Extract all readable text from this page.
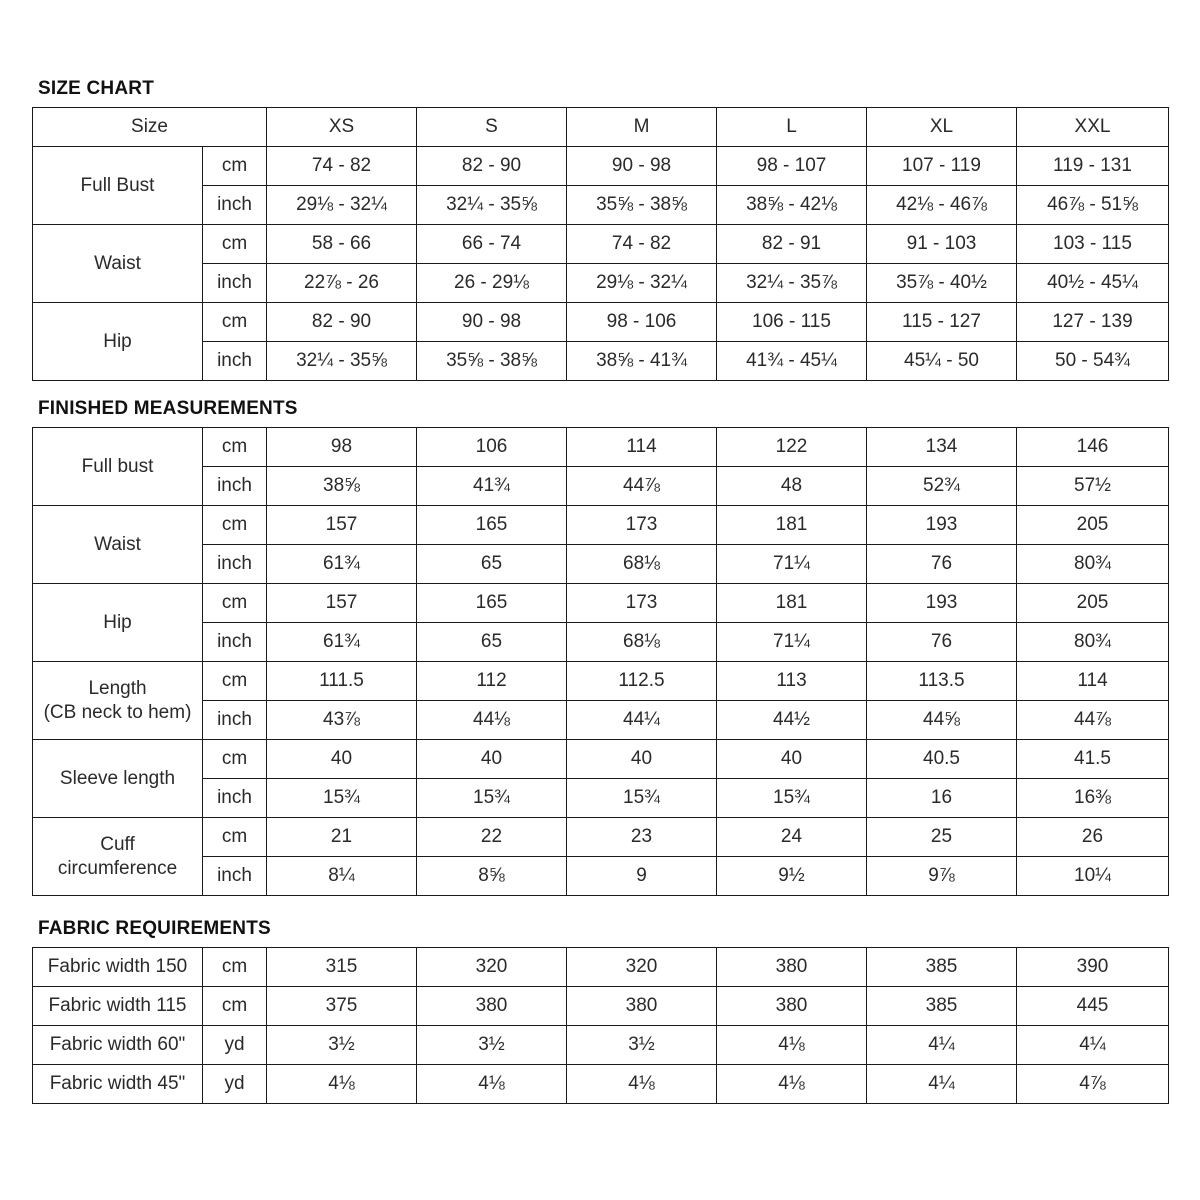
SIZE CHART
Size		XS	S	M	L	XL	XXL
Full Bust	cm	74 - 82	82 - 90	90 - 98	98 - 107	107 - 119	119 - 131
	inch	29⅛ - 32¼	32¼ - 35⅝	35⅝ - 38⅝	38⅝ - 42⅛	42⅛ - 46⅞	46⅞ - 51⅝
Waist	cm	58 - 66	66 - 74	74 - 82	82 - 91	91 - 103	103 - 115
	inch	22⅞ - 26	26 - 29⅛	29⅛ - 32¼	32¼ - 35⅞	35⅞ - 40½	40½ - 45¼
Hip	cm	82 - 90	90 - 98	98 - 106	106 - 115	115 - 127	127 - 139
	inch	32¼ - 35⅝	35⅝ - 38⅝	38⅝ - 41¾	41¾ - 45¼	45¼ - 50	50 - 54¾
FINISHED MEASUREMENTS
Full bust	cm	98	106	114	122	134	146
	inch	38⅝	41¾	44⅞	48	52¾	57½

Waist	cm	157	165	173	181	193	205
	inch	61¾	65	68⅛	71¼	76	80¾

Hip	cm	157	165	173	181	193	205
	inch	61¾	65	68⅛	71¼	76	80¾

Length
(CB neck to hem)	cm	111.5	112	112.5	113	113.5	114
	inch	43⅞	44⅛	44¼	44½	44⅝	44⅞

Sleeve length	cm	40	40	40	40	40.5	41.5
	inch	15¾	15¾	15¾	15¾	16	16⅜

Cuff
circumference	cm	21	22	23	24	25	26
	inch	8¼	8⅝	9	9½	9⅞	10¼
FABRIC REQUIREMENTS
Fabric width 150	cm	315	320	320	380	385	390
Fabric width 115	cm	375	380	380	380	385	445
Fabric width 60"	yd	3½	3½	3½	4⅛	4¼	4¼
Fabric width 45"	yd	4⅛	4⅛	4⅛	4⅛	4¼	4⅞
